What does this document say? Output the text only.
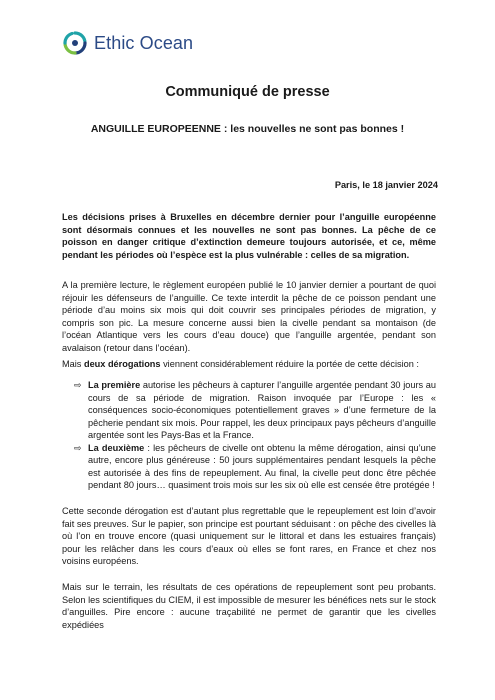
Ethic Ocean
Communiqué de presse
ANGUILLE EUROPEENNE : les nouvelles ne sont pas bonnes !
Paris, le 18 janvier 2024

Les décisions prises à Bruxelles en décembre dernier pour l’anguille européenne sont désormais connues et les nouvelles ne sont pas bonnes. La pêche de ce poisson en danger critique d’extinction demeure toujours autorisée, et ce, même pendant les périodes où l’espèce est la plus vulnérable : celles de sa migration.

A la première lecture, le règlement européen publié le 10 janvier dernier a pourtant de quoi réjouir les défenseurs de l’anguille. Ce texte interdit la pêche de ce poisson pendant une période d’au moins six mois qui doit couvrir ses principales périodes de migration, y compris son pic. La mesure concerne aussi bien la civelle pendant sa montaison (de l’océan Atlantique vers les cours d’eau douce) que l’anguille argentée, pendant son avalaison (retour dans l’océan).

Mais deux dérogations viennent considérablement réduire la portée de cette décision :

⇨ La première autorise les pêcheurs à capturer l’anguille argentée pendant 30 jours au cours de sa période de migration. Raison invoquée par l’Europe : les « conséquences socio-économiques potentiellement graves » d’une fermeture de la pêcherie pendant six mois. Pour rappel, les deux principaux pays pêcheurs d’anguille argentée sont les Pays-Bas et la France.
⇨ La deuxième : les pêcheurs de civelle ont obtenu la même dérogation, ainsi qu’une autre, encore plus généreuse : 50 jours supplémentaires pendant lesquels la pêche est autorisée à des fins de repeuplement. Au final, la civelle peut donc être pêchée pendant 80 jours… quasiment trois mois sur les six où elle est censée être protégée !

Cette seconde dérogation est d’autant plus regrettable que le repeuplement est loin d’avoir fait ses preuves. Sur le papier, son principe est pourtant séduisant : on pêche des civelles là où l’on en trouve encore (quasi uniquement sur le littoral et dans les estuaires français) pour les relâcher dans les cours d’eaux où elles se font rares, en France et chez nos voisins européens.

Mais sur le terrain, les résultats de ces opérations de repeuplement sont peu probants. Selon les scientifiques du CIEM, il est impossible de mesurer les bénéfices nets sur le stock d’anguilles. Pire encore : aucune traçabilité ne permet de garantir que les civelles expédiées
